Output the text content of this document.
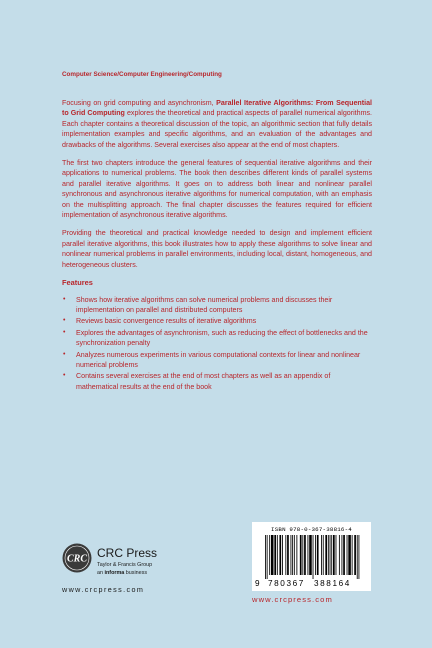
Computer Science/Computer Engineering/Computing

Focusing on grid computing and asynchronism, Parallel Iterative Algorithms: From Sequential to Grid Computing explores the theoretical and practical aspects of parallel numerical algorithms. Each chapter contains a theoretical discussion of the topic, an algorithmic section that fully details implementation examples and specific algorithms, and an evaluation of the advantages and drawbacks of the algorithms. Several exercises also appear at the end of most chapters.

The first two chapters introduce the general features of sequential iterative algorithms and their applications to numerical problems. The book then describes different kinds of parallel systems and parallel iterative algorithms. It goes on to address both linear and nonlinear parallel synchronous and asynchronous iterative algorithms for numerical computation, with an emphasis on the multisplitting approach. The final chapter discusses the features required for efficient implementation of asynchronous iterative algorithms.

Providing the theoretical and practical knowledge needed to design and implement efficient parallel iterative algorithms, this book illustrates how to apply these algorithms to solve linear and nonlinear numerical problems in parallel environments, including local, distant, homogeneous, and heterogeneous clusters.

Features
• Shows how iterative algorithms can solve numerical problems and discusses their implementation on parallel and distributed computers
• Reviews basic convergence results of iterative algorithms
• Explores the advantages of asynchronism, such as reducing the effect of bottlenecks and the synchronization penalty
• Analyzes numerous experiments in various computational contexts for linear and nonlinear numerical problems
• Contains several exercises at the end of most chapters as well as an appendix of mathematical results at the end of the book
CRC CRC Press
Taylor & Francis Group
an informa business
www.crcpress.com
ISBN 978-0-367-38816-4
9 780367 388164
www.crcpress.com
